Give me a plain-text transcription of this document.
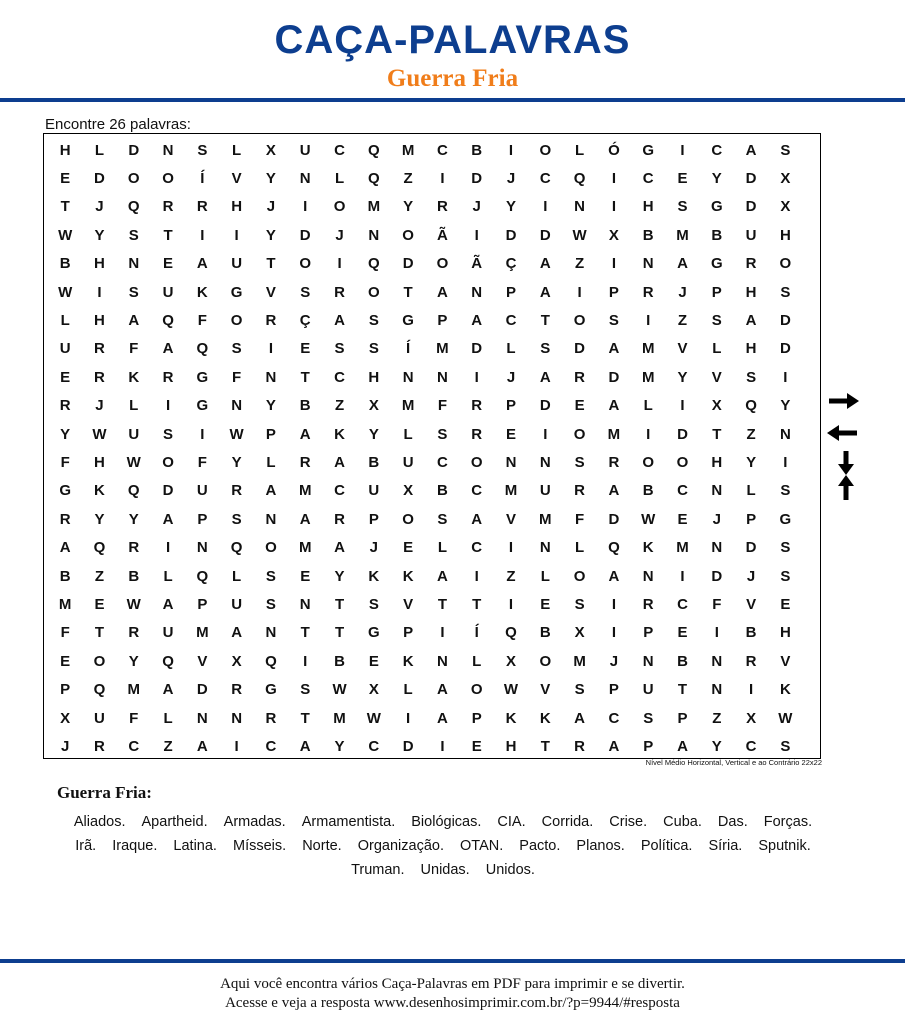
CAÇA-PALAVRAS
Guerra Fria
Encontre 26 palavras:
H	L	D	N	S	L	X	U	C	Q	M	C	B	I	O	L	Ó	G	I	C	A	S
E	D	O	O	Í	V	Y	N	L	Q	Z	I	D	J	C	Q	I	C	E	Y	D	X
T	J	Q	R	R	H	J	I	O	M	Y	R	J	Y	I	N	I	H	S	G	D	X
W	Y	S	T	I	I	Y	D	J	N	O	Ã	I	D	D	W	X	B	M	B	U	H
B	H	N	E	A	U	T	O	I	Q	D	O	Ã	Ç	A	Z	I	N	A	G	R	O
W	I	S	U	K	G	V	S	R	O	T	A	N	P	A	I	P	R	J	P	H	S
L	H	A	Q	F	O	R	Ç	A	S	G	P	A	C	T	O	S	I	Z	S	A	D
U	R	F	A	Q	S	I	E	S	S	Í	M	D	L	S	D	A	M	V	L	H	D
E	R	K	R	G	F	N	T	C	H	N	N	I	J	A	R	D	M	Y	V	S	I
R	J	L	I	G	N	Y	B	Z	X	M	F	R	P	D	E	A	L	I	X	Q	Y
Y	W	U	S	I	W	P	A	K	Y	L	S	R	E	I	O	M	I	D	T	Z	N
F	H	W	O	F	Y	L	R	A	B	U	C	O	N	N	S	R	O	O	H	Y	I
G	K	Q	D	U	R	A	M	C	U	X	B	C	M	U	R	A	B	C	N	L	S
R	Y	Y	A	P	S	N	A	R	P	O	S	A	V	M	F	D	W	E	J	P	G
A	Q	R	I	N	Q	O	M	A	J	E	L	C	I	N	L	Q	K	M	N	D	S
B	Z	B	L	Q	L	S	E	Y	K	K	A	I	Z	L	O	A	N	I	D	J	S
M	E	W	A	P	U	S	N	T	S	V	T	T	I	E	S	I	R	C	F	V	E
F	T	R	U	M	A	N	T	T	G	P	I	Í	Q	B	X	I	P	E	I	B	H
E	O	Y	Q	V	X	Q	I	B	E	K	N	L	X	O	M	J	N	B	N	R	V
P	Q	M	A	D	R	G	S	W	X	L	A	O	W	V	S	P	U	T	N	I	K
X	U	F	L	N	N	R	T	M	W	I	A	P	K	K	A	C	S	P	Z	X	W
J	R	C	Z	A	I	C	A	Y	C	D	I	E	H	T	R	A	P	A	Y	C	S
Nível Médio Horizontal, Vertical e ao Contrário 22x22
Guerra Fria:
Aliados. Apartheid. Armadas. Armamentista. Biológicas. CIA. Corrida. Crise. Cuba. Das. Forças. Irã. Iraque. Latina. Mísseis. Norte. Organização. OTAN. Pacto. Planos. Política. Síria. Sputnik. Truman. Unidas. Unidos.
Aqui você encontra vários Caça-Palavras em PDF para imprimir e se divertir.
Acesse e veja a resposta www.desenhosimprimir.com.br/?p=9944/#resposta
